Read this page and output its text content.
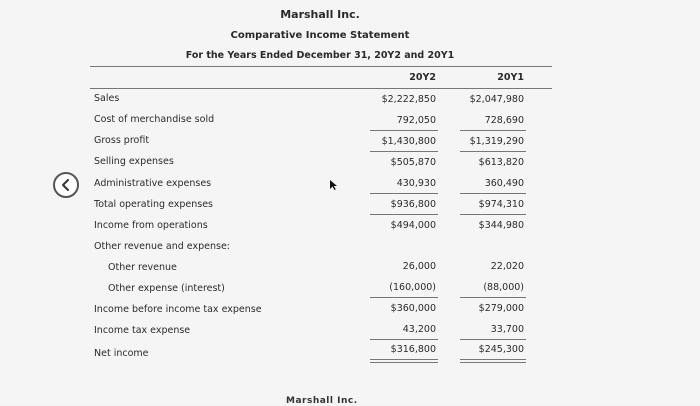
Marshall Inc.
Comparative Income Statement
For the Years Ended December 31, 20Y2 and 20Y1
20Y2	20Y1
Sales	$2,222,850	$2,047,980
Cost of merchandise sold	792,050	728,690
Gross profit	$1,430,800	$1,319,290
Selling expenses	$505,870	$613,820
Administrative expenses	430,930	360,490
Total operating expenses	$936,800	$974,310
Income from operations	$494,000	$344,980
Other revenue and expense:
Other revenue	26,000	22,020
Other expense (interest)	(160,000)	(88,000)
Income before income tax expense	$360,000	$279,000
Income tax expense	43,200	33,700
Net income	$316,800	$245,300
Marshall Inc.
